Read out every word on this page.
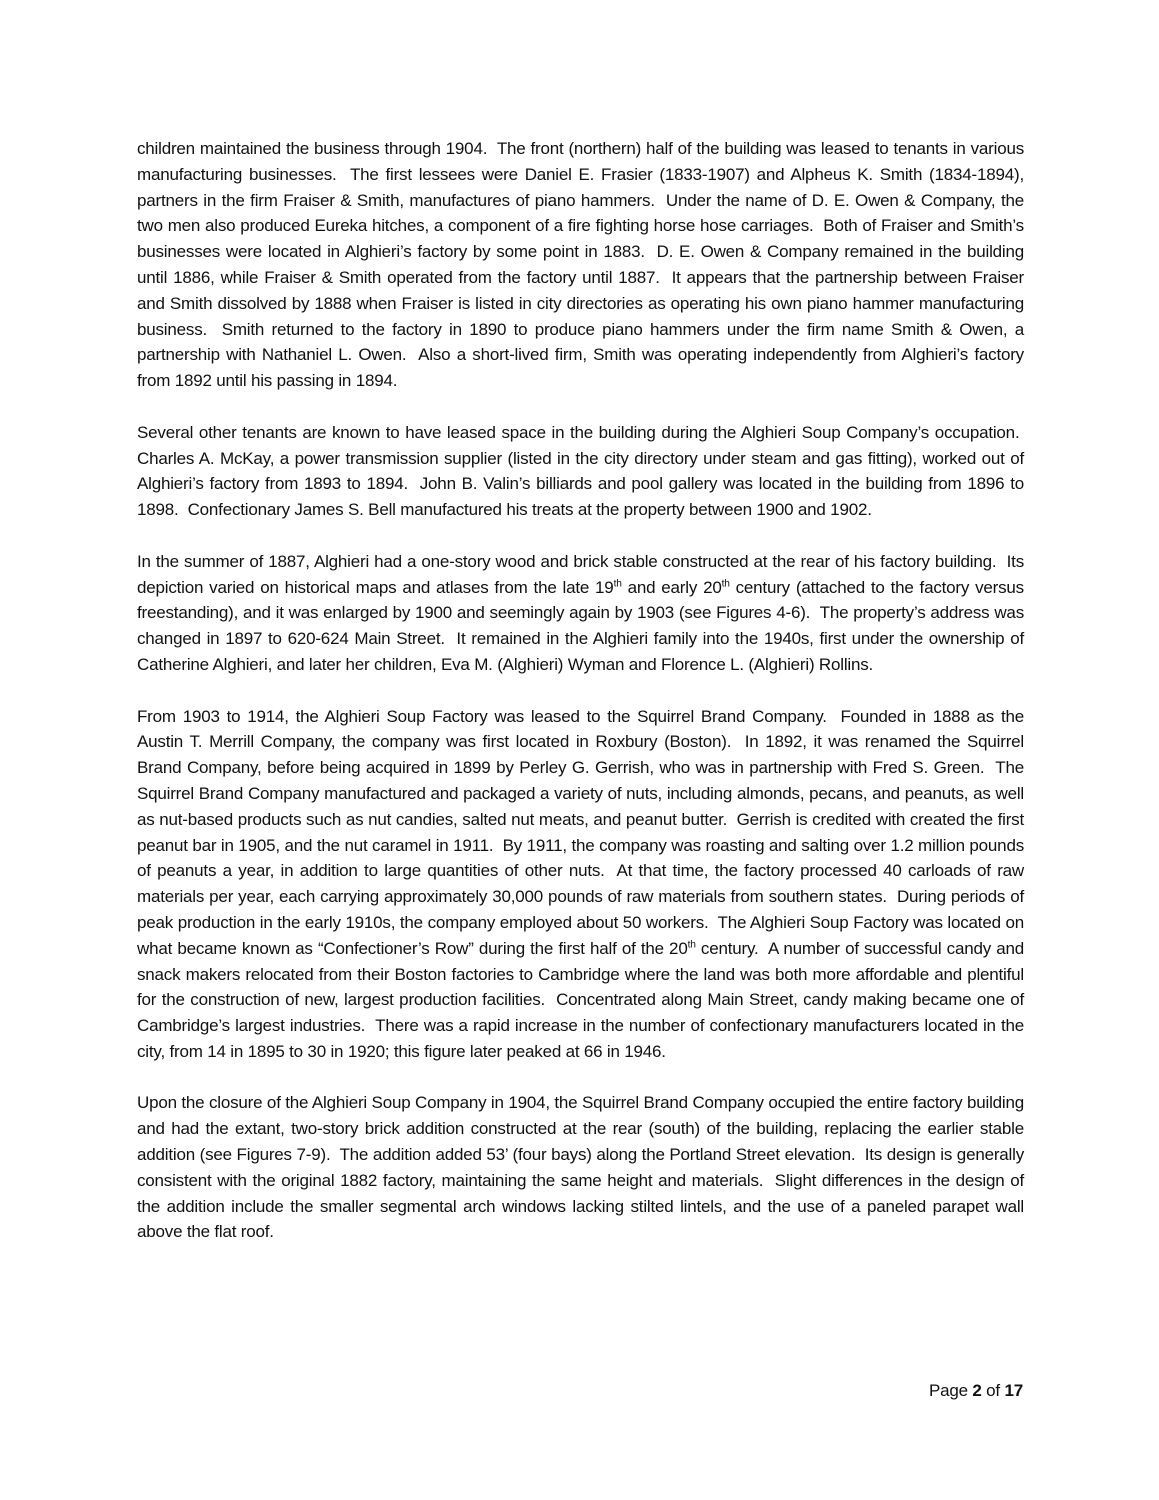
children maintained the business through 1904.  The front (northern) half of the building was leased to tenants in various manufacturing businesses.  The first lessees were Daniel E. Frasier (1833-1907) and Alpheus K. Smith (1834-1894), partners in the firm Fraiser & Smith, manufactures of piano hammers.  Under the name of D. E. Owen & Company, the two men also produced Eureka hitches, a component of a fire fighting horse hose carriages.  Both of Fraiser and Smith’s businesses were located in Alghieri’s factory by some point in 1883.  D. E. Owen & Company remained in the building until 1886, while Fraiser & Smith operated from the factory until 1887.  It appears that the partnership between Fraiser and Smith dissolved by 1888 when Fraiser is listed in city directories as operating his own piano hammer manufacturing business.  Smith returned to the factory in 1890 to produce piano hammers under the firm name Smith & Owen, a partnership with Nathaniel L. Owen.  Also a short-lived firm, Smith was operating independently from Alghieri’s factory from 1892 until his passing in 1894.

Several other tenants are known to have leased space in the building during the Alghieri Soup Company’s occupation.  Charles A. McKay, a power transmission supplier (listed in the city directory under steam and gas fitting), worked out of Alghieri’s factory from 1893 to 1894.  John B. Valin’s billiards and pool gallery was located in the building from 1896 to 1898.  Confectionary James S. Bell manufactured his treats at the property between 1900 and 1902.

In the summer of 1887, Alghieri had a one-story wood and brick stable constructed at the rear of his factory building.  Its depiction varied on historical maps and atlases from the late 19th and early 20th century (attached to the factory versus freestanding), and it was enlarged by 1900 and seemingly again by 1903 (see Figures 4-6).  The property’s address was changed in 1897 to 620-624 Main Street.  It remained in the Alghieri family into the 1940s, first under the ownership of Catherine Alghieri, and later her children, Eva M. (Alghieri) Wyman and Florence L. (Alghieri) Rollins.

From 1903 to 1914, the Alghieri Soup Factory was leased to the Squirrel Brand Company.  Founded in 1888 as the Austin T. Merrill Company, the company was first located in Roxbury (Boston).  In 1892, it was renamed the Squirrel Brand Company, before being acquired in 1899 by Perley G. Gerrish, who was in partnership with Fred S. Green.  The Squirrel Brand Company manufactured and packaged a variety of nuts, including almonds, pecans, and peanuts, as well as nut-based products such as nut candies, salted nut meats, and peanut butter.  Gerrish is credited with created the first peanut bar in 1905, and the nut caramel in 1911.  By 1911, the company was roasting and salting over 1.2 million pounds of peanuts a year, in addition to large quantities of other nuts.  At that time, the factory processed 40 carloads of raw materials per year, each carrying approximately 30,000 pounds of raw materials from southern states.  During periods of peak production in the early 1910s, the company employed about 50 workers.  The Alghieri Soup Factory was located on what became known as “Confectioner’s Row” during the first half of the 20th century.  A number of successful candy and snack makers relocated from their Boston factories to Cambridge where the land was both more affordable and plentiful for the construction of new, largest production facilities.  Concentrated along Main Street, candy making became one of Cambridge’s largest industries.  There was a rapid increase in the number of confectionary manufacturers located in the city, from 14 in 1895 to 30 in 1920; this figure later peaked at 66 in 1946.

Upon the closure of the Alghieri Soup Company in 1904, the Squirrel Brand Company occupied the entire factory building and had the extant, two-story brick addition constructed at the rear (south) of the building, replacing the earlier stable addition (see Figures 7-9).  The addition added 53’ (four bays) along the Portland Street elevation.  Its design is generally consistent with the original 1882 factory, maintaining the same height and materials.  Slight differences in the design of the addition include the smaller segmental arch windows lacking stilted lintels, and the use of a paneled parapet wall above the flat roof.

Page 2 of 17
